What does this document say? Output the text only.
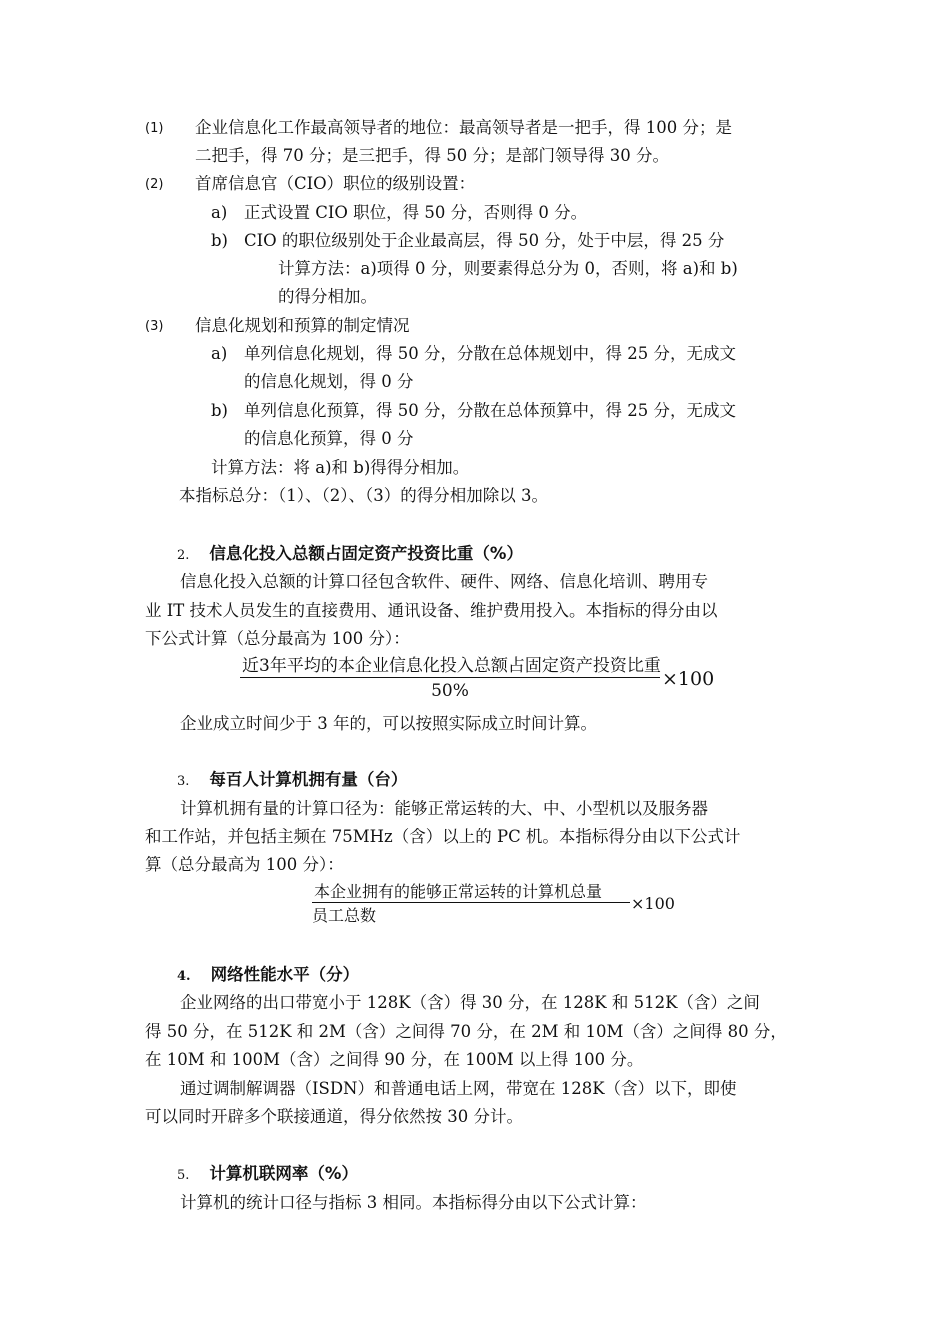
(1) 企业信息化工作最高领导者的地位：最高领导者是一把手，得 100 分；是
二把手，得 70 分；是三把手，得 50 分；是部门领导得 30 分。
(2) 首席信息官（CIO）职位的级别设置：
a) 正式设置 CIO 职位，得 50 分，否则得 0 分。
b) CIO 的职位级别处于企业最高层，得 50 分，处于中层，得 25 分
计算方法：a)项得 0 分，则要素得总分为 0，否则，将 a)和 b)
的得分相加。
(3) 信息化规划和预算的制定情况
a) 单列信息化规划，得 50 分，分散在总体规划中，得 25 分，无成文
的信息化规划，得 0 分
b) 单列信息化预算，得 50 分，分散在总体预算中，得 25 分，无成文
的信息化预算，得 0 分
计算方法：将 a)和 b)得得分相加。
本指标总分：（1）、（2）、（3）的得分相加除以 3。
2. 信息化投入总额占固定资产投资比重（%）
信息化投入总额的计算口径包含软件、硬件、网络、信息化培训、聘用专
业 IT 技术人员发生的直接费用、通讯设备、维护费用投入。本指标的得分由以
下公式计算（总分最高为 100 分）：
近3年平均的本企业信息化投入总额占固定资产投资比重
50%
×100
企业成立时间少于 3 年的，可以按照实际成立时间计算。
3. 每百人计算机拥有量（台）
计算机拥有量的计算口径为：能够正常运转的大、中、小型机以及服务器
和工作站，并包括主频在 75MHz（含）以上的 PC 机。本指标得分由以下公式计
算（总分最高为 100 分）：
本企业拥有的能够正常运转的计算机总量
员工总数
×100
4. 网络性能水平（分）
企业网络的出口带宽小于 128K（含）得 30 分，在 128K 和 512K（含）之间
得 50 分，在 512K 和 2M（含）之间得 70 分，在 2M 和 10M（含）之间得 80 分，
在 10M 和 100M（含）之间得 90 分，在 100M 以上得 100 分。
通过调制解调器（ISDN）和普通电话上网，带宽在 128K（含）以下，即使
可以同时开辟多个联接通道，得分依然按 30 分计。
5. 计算机联网率（%）
计算机的统计口径与指标 3 相同。本指标得分由以下公式计算：
